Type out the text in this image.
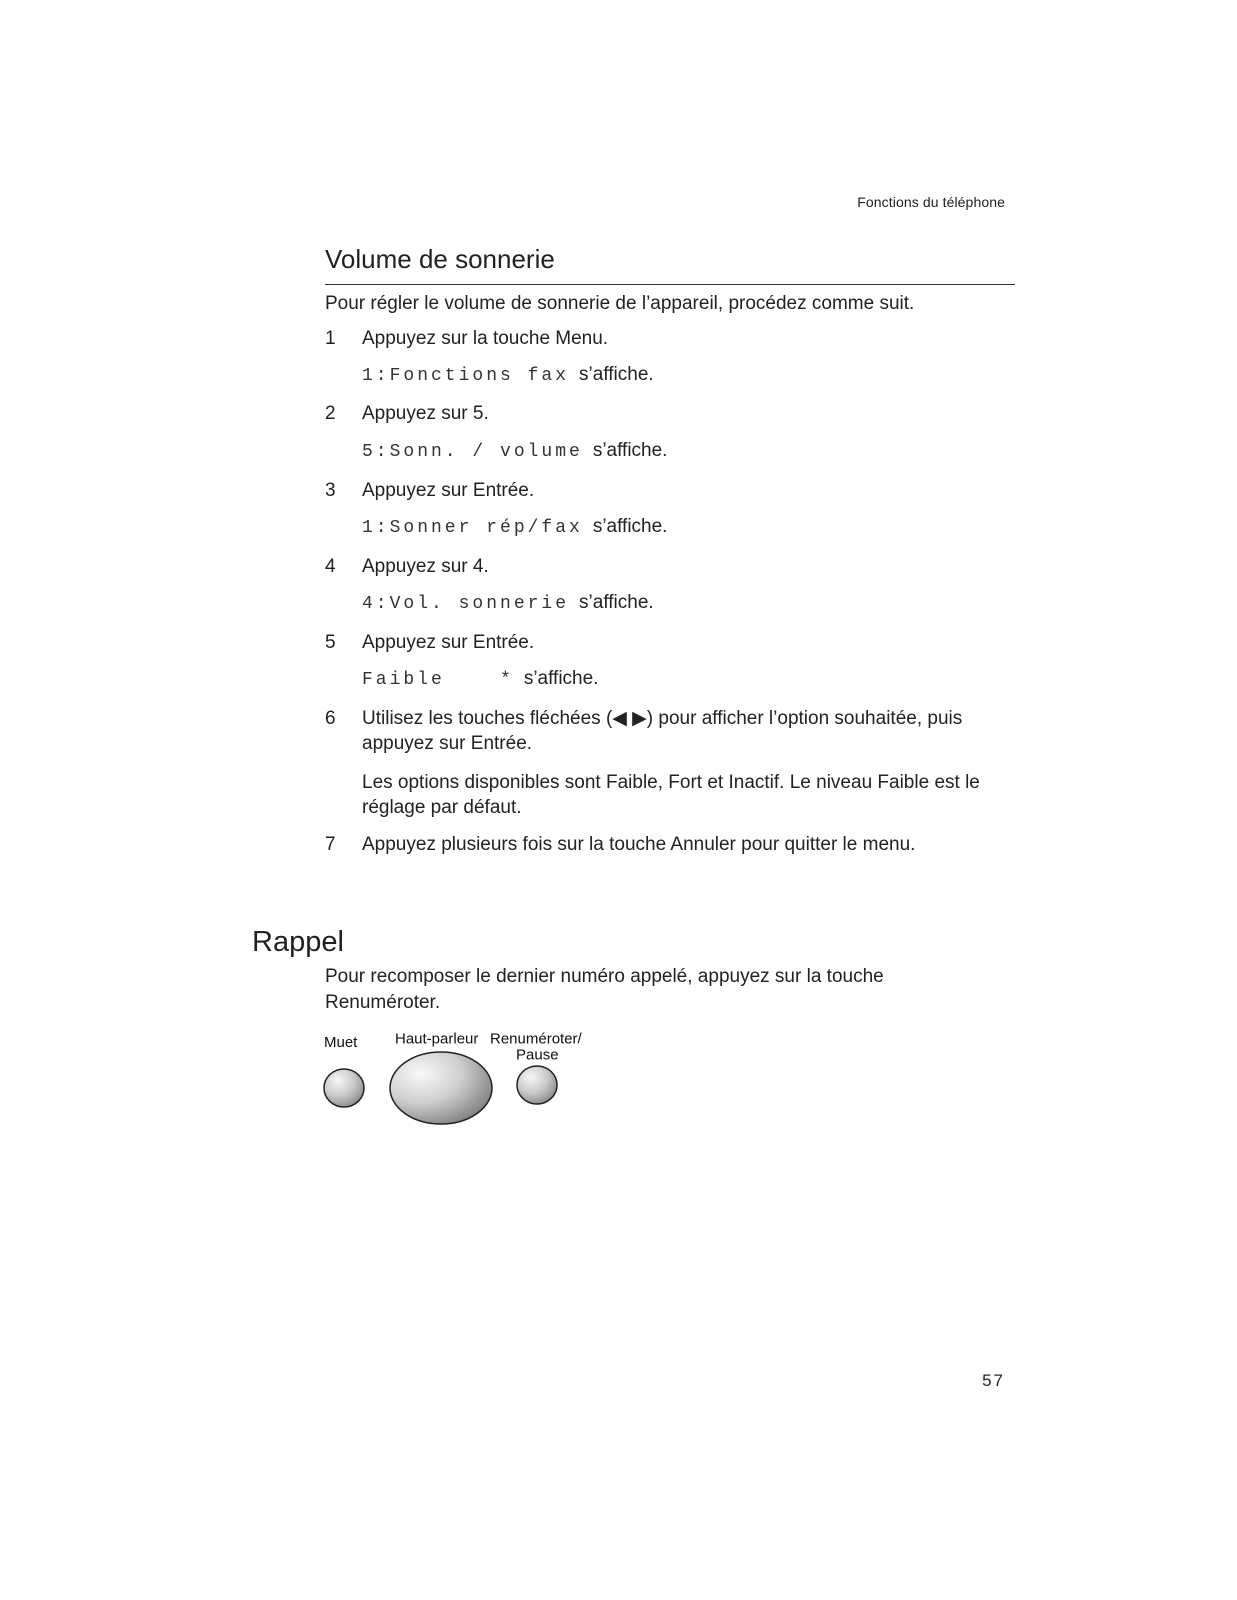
Fonctions du téléphone
Volume de sonnerie

Pour régler le volume de sonnerie de l’appareil, procédez comme suit.

1 Appuyez sur la touche Menu.
1:Fonctions fax s’affiche.
2 Appuyez sur 5.
5:Sonn. / volume s’affiche.
3 Appuyez sur Entrée.
1:Sonner rép/fax s’affiche.
4 Appuyez sur 4.
4:Vol. sonnerie s’affiche.
5 Appuyez sur Entrée.
Faible    * s’affiche.
6 Utilisez les touches fléchées (◀ ▶) pour afficher l’option souhaitée, puis appuyez sur Entrée.
Les options disponibles sont Faible, Fort et Inactif. Le niveau Faible est le réglage par défaut.
7 Appuyez plusieurs fois sur la touche Annuler pour quitter le menu.
Rappel

Pour recomposer le dernier numéro appelé, appuyez sur la touche Renuméroter.

Muet	Haut-parleur Renuméroter/
Pause
57
